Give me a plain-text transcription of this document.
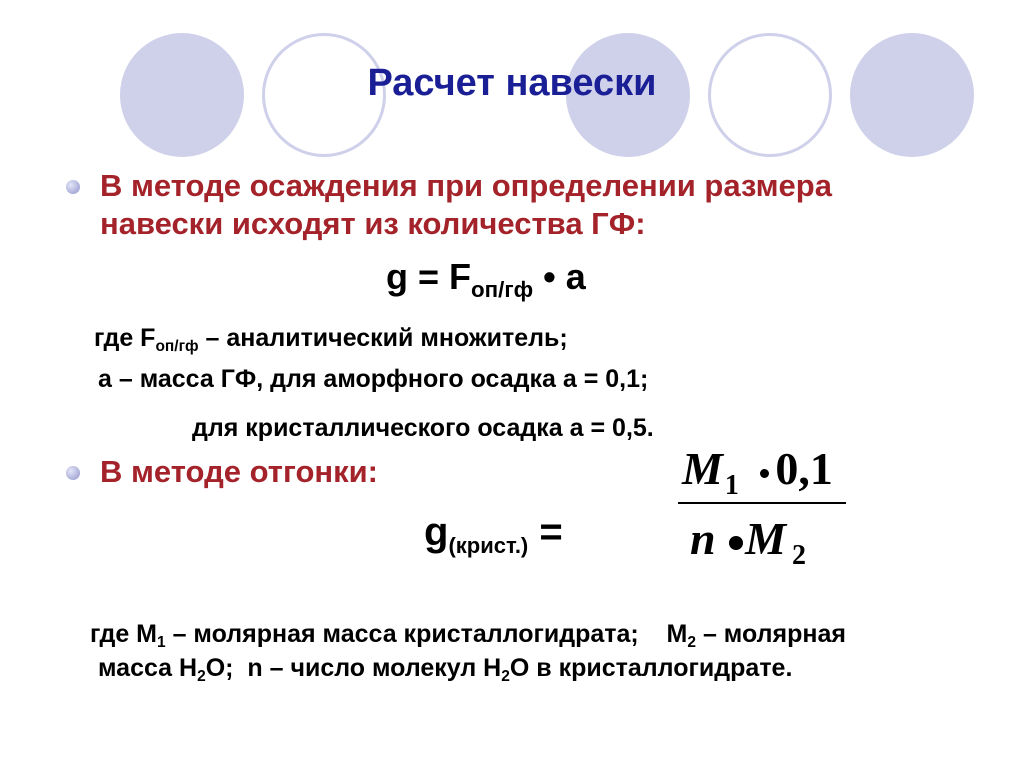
Расчет навески
В методе осаждения при определении размера
навески исходят из количества ГФ:
$g = F_{оп/гф}$ • а
где Fоп/гф – аналитический множитель;
а – масса ГФ, для аморфного осадка а = 0,1;
для кристаллического осадка а = 0,5.
В методе отгонки:
g(крист.) =
$M_1$ 0,1
n M $_2$
где М1 – молярная масса кристаллогидрата;    М2 – молярная
масса Н2О;  n – число молекул Н2О в кристаллогидрате.
